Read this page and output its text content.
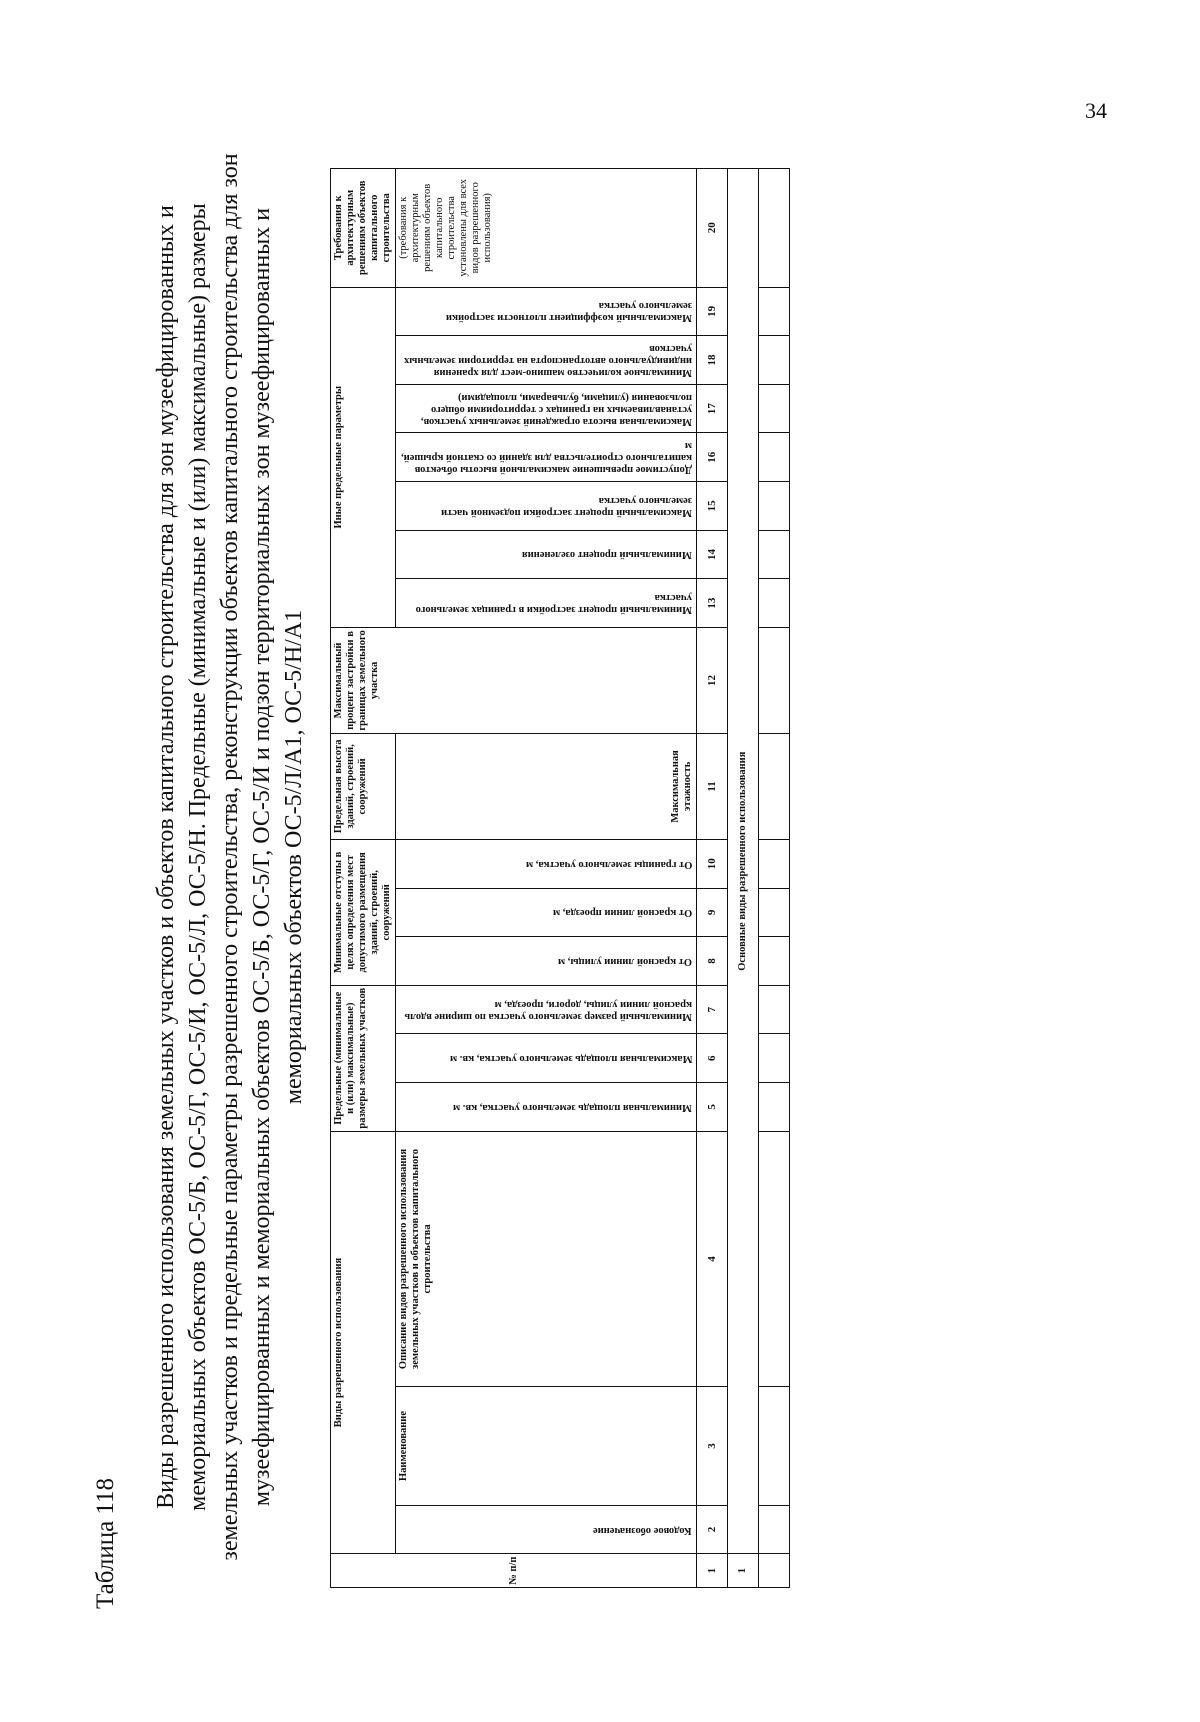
Таблица 118
Виды разрешенного использования земельных участков и объектов капитального строительства для зон музеефицированных и мемориальных объектов ОС-5/Б, ОС-5/Г, ОС-5/И, ОС-5/Л, ОС-5/Н. Предельные (минимальные и (или) максимальные) размеры земельных участков и предельные параметры разрешенного строительства, реконструкции объектов капитального строительства для зон музеефицированных и мемориальных объектов ОС-5/Б, ОС-5/Г, ОС-5/И и подзон территориальных зон музеефицированных и мемориальных объектов ОС-5/Л/А1, ОС-5/Н/А1
№ п/п	Виды разрешенного использования			Предельные (минимальные и (или) максимальные) размеры земельных участков			Минимальные отступы в целях определения мест допустимого размещения зданий, строений, сооружений			Предельная высота зданий, строений, сооружений	Максимальный процент застройки в границах земельного участка	Иные предельные параметры							Требования к архитектурным решениям объектов капитального строительства
	Кодовое обозначение	Наименование	Описание видов разрешенного использования земельных участков и объектов капитального строительства	Минимальная площадь земельного участка, кв. м	Максимальная площадь земельного участка, кв. м	Минимальный размер земельного участка по ширине вдоль красной линии улицы, дороги, проезда, м	От красной линии улицы, м	От красной линии проезда, м	От границы земельного участка, м	Максимальная этажность		Минимальный процент застройки в границах земельного участка	Минимальный процент озеленения	Максимальный процент застройки подземной части земельного участка	Допустимое превышение максимальной высоты объектов капитального строительства для зданий со скатной крышей, м	Максимальная высота ограждений земельных участков, устанавливаемых на границах с территориями общего пользования (улицами, бульварами, площадями)	Минимальное количество машино-мест для хранения индивидуального автотранспорта на территории земельных участков	Максимальный коэффициент плотности застройки земельного участка	
																			(требования к архитектурным решениям объектов капитального строительства установлены для всех видов разрешенного использования)
1	2	3	4	5	6	7	8	9	10	11	12	13	14	15	16	17	18	19	20
1	Основные виды разрешенного использования																		

34
